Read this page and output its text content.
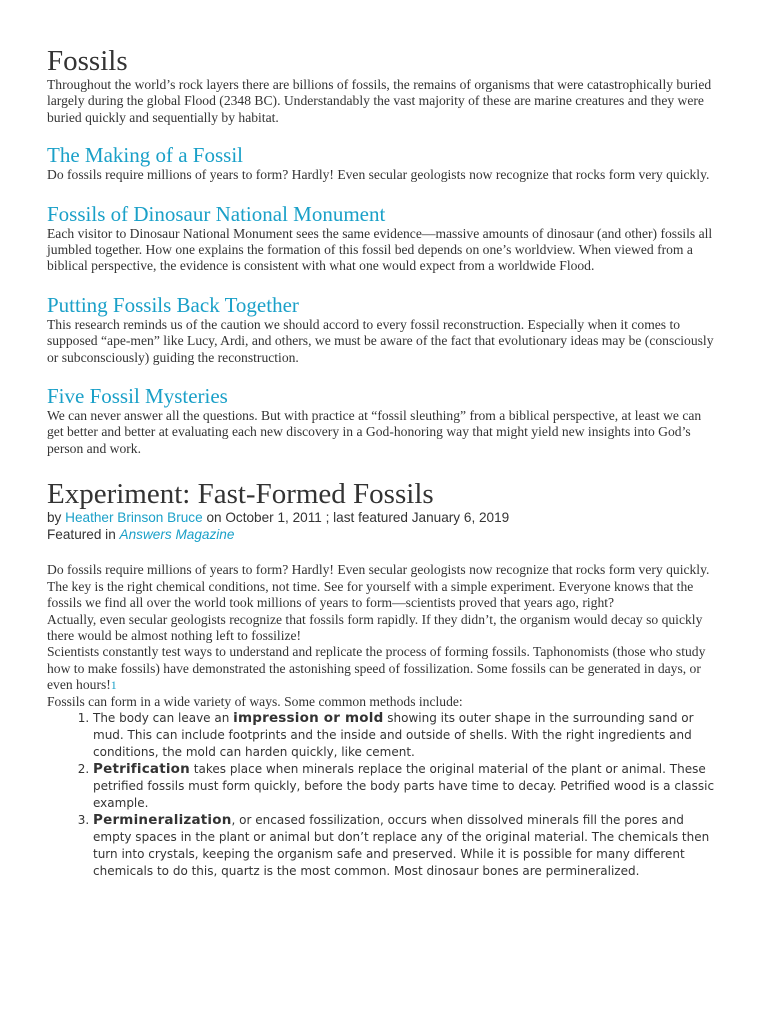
Fossils

Throughout the world’s rock layers there are billions of fossils, the remains of organisms that were catastrophically buried largely during the global Flood (2348 BC). Understandably the vast majority of these are marine creatures and they were buried quickly and sequentially by habitat.

The Making of a Fossil

Do fossils require millions of years to form? Hardly! Even secular geologists now recognize that rocks form very quickly.

Fossils of Dinosaur National Monument

Each visitor to Dinosaur National Monument sees the same evidence—massive amounts of dinosaur (and other) fossils all jumbled together. How one explains the formation of this fossil bed depends on one’s worldview. When viewed from a biblical perspective, the evidence is consistent with what one would expect from a worldwide Flood.

Putting Fossils Back Together

This research reminds us of the caution we should accord to every fossil reconstruction. Especially when it comes to supposed “ape-men” like Lucy, Ardi, and others, we must be aware of the fact that evolutionary ideas may be (consciously or subconsciously) guiding the reconstruction.

Five Fossil Mysteries

We can never answer all the questions. But with practice at “fossil sleuthing” from a biblical perspective, at least we can get better and better at evaluating each new discovery in a God-honoring way that might yield new insights into God’s person and work.

Experiment: Fast-Formed Fossils

by Heather Brinson Bruce on October 1, 2011 ; last featured January 6, 2019

Featured in Answers Magazine

Do fossils require millions of years to form? Hardly! Even secular geologists now recognize that rocks form very quickly. The key is the right chemical conditions, not time. See for yourself with a simple experiment. Everyone knows that the fossils we find all over the world took millions of years to form—scientists proved that years ago, right?

Actually, even secular geologists recognize that fossils form rapidly. If they didn’t, the organism would decay so quickly there would be almost nothing left to fossilize!

Scientists constantly test ways to understand and replicate the process of forming fossils. Taphonomists (those who study how to make fossils) have demonstrated the astonishing speed of fossilization. Some fossils can be generated in days, or even hours!1

Fossils can form in a wide variety of ways. Some common methods include:

1. The body can leave an impression or mold showing its outer shape in the surrounding sand or mud. This can include footprints and the inside and outside of shells. With the right ingredients and conditions, the mold can harden quickly, like cement.
2. Petrification takes place when minerals replace the original material of the plant or animal. These petrified fossils must form quickly, before the body parts have time to decay. Petrified wood is a classic example.
3. Permineralization, or encased fossilization, occurs when dissolved minerals fill the pores and empty spaces in the plant or animal but don’t replace any of the original material. The chemicals then turn into crystals, keeping the organism safe and preserved. While it is possible for many different chemicals to do this, quartz is the most common. Most dinosaur bones are permineralized.
